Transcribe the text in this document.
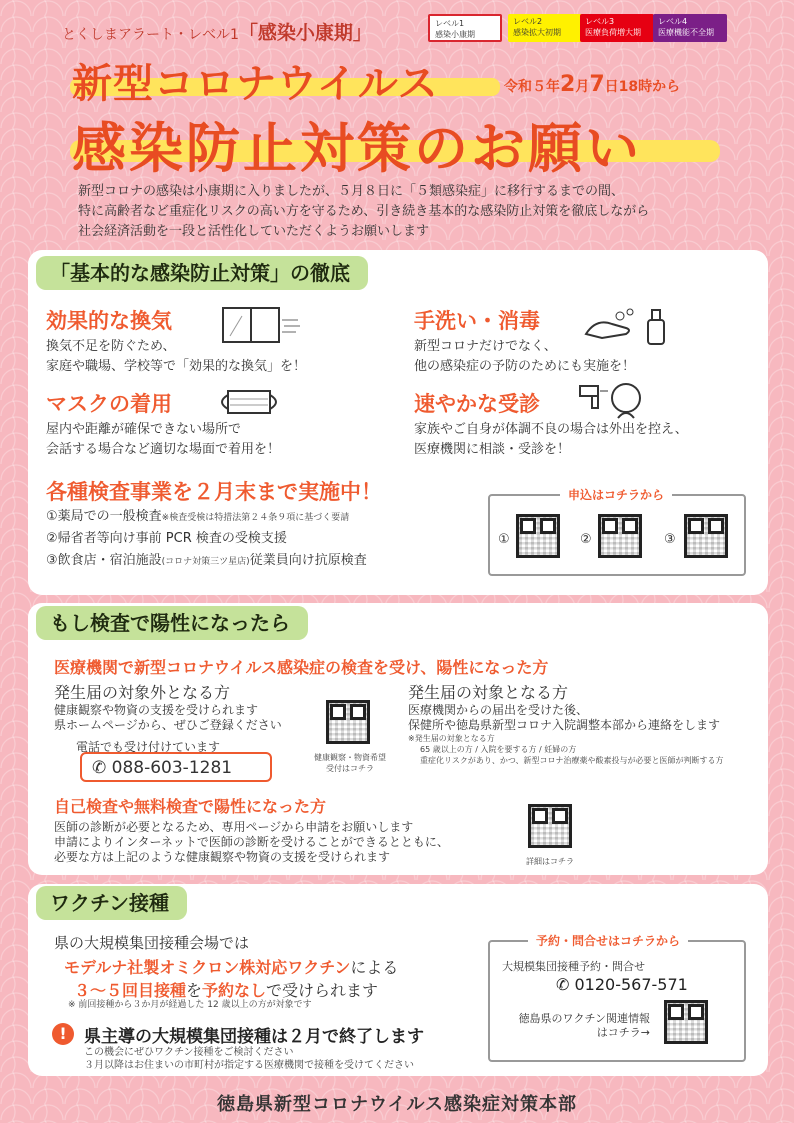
とくしまアラート・レベル1「感染小康期」	レベル1
感染小康期
レベル2
感染拡大初期
レベル3
医療負荷増大期
レベル4
医療機能不全期
新型コロナウイルス	令和５年2月7日18時から
感染防止対策のお願い
新型コロナの感染は小康期に入りましたが、５月８日に「５類感染症」に移行するまでの間、
特に高齢者など重症化リスクの高い方を守るため、引き続き基本的な感染防止対策を徹底しながら
社会経済活動を一段と活性化していただくようお願いします
「基本的な感染防止対策」の徹底
効果的な換気
換気不足を防ぐため、
家庭や職場、学校等で「効果的な換気」を！
手洗い・消毒
新型コロナだけでなく、
他の感染症の予防のためにも実施を！
マスクの着用
屋内や距離が確保できない場所で
会話する場合など適切な場面で着用を！
速やかな受診
家族やご自身が体調不良の場合は外出を控え、
医療機関に相談・受診を！
各種検査事業を２月末まで実施中！
①薬局での一般検査※検査受検は特措法第２４条９項に基づく要請
②帰省者等向け事前 PCR 検査の受検支援
③飲食店・宿泊施設(コロナ対策三ツ星店)従業員向け抗原検査
申込はコチラから
①	②	③
もし検査で陽性になったら
医療機関で新型コロナウイルス感染症の検査を受け、陽性になった方
発生届の対象外となる方
健康観察や物資の支援を受けられます
県ホームページから、ぜひご登録ください
電話でも受け付けています
✆ 088-603-1281
健康観察・物資希望
受付はコチラ
発生届の対象となる方
医療機関からの届出を受けた後、
保健所や徳島県新型コロナ入院調整本部から連絡をします
※発生届の対象となる方
65 歳以上の方 / 入院を要する方 / 妊婦の方
重症化リスクがあり、かつ、新型コロナ治療薬や酸素投与が必要と医師が判断する方
自己検査や無料検査で陽性になった方
医師の診断が必要となるため、専用ページから申請をお願いします
申請によりインターネットで医師の診断を受けることができるとともに、
必要な方は上記のような健康観察や物資の支援を受けられます	詳細はコチラ
ワクチン接種
県の大規模集団接種会場では
モデルナ社製オミクロン株対応ワクチンによる
３～５回目接種を予約なしで受けられます
※ 前回接種から３か月が経過した 12 歳以上の方が対象です
!	県主導の大規模集団接種は２月で終了します
この機会にぜひワクチン接種をご検討ください
３月以降はお住まいの市町村が指定する医療機関で接種を受けてください
予約・問合せはコチラから
大規模集団接種予約・問合せ
✆ 0120-567-571
徳島県のワクチン関連情報
はコチラ→
徳島県新型コロナウイルス感染症対策本部
